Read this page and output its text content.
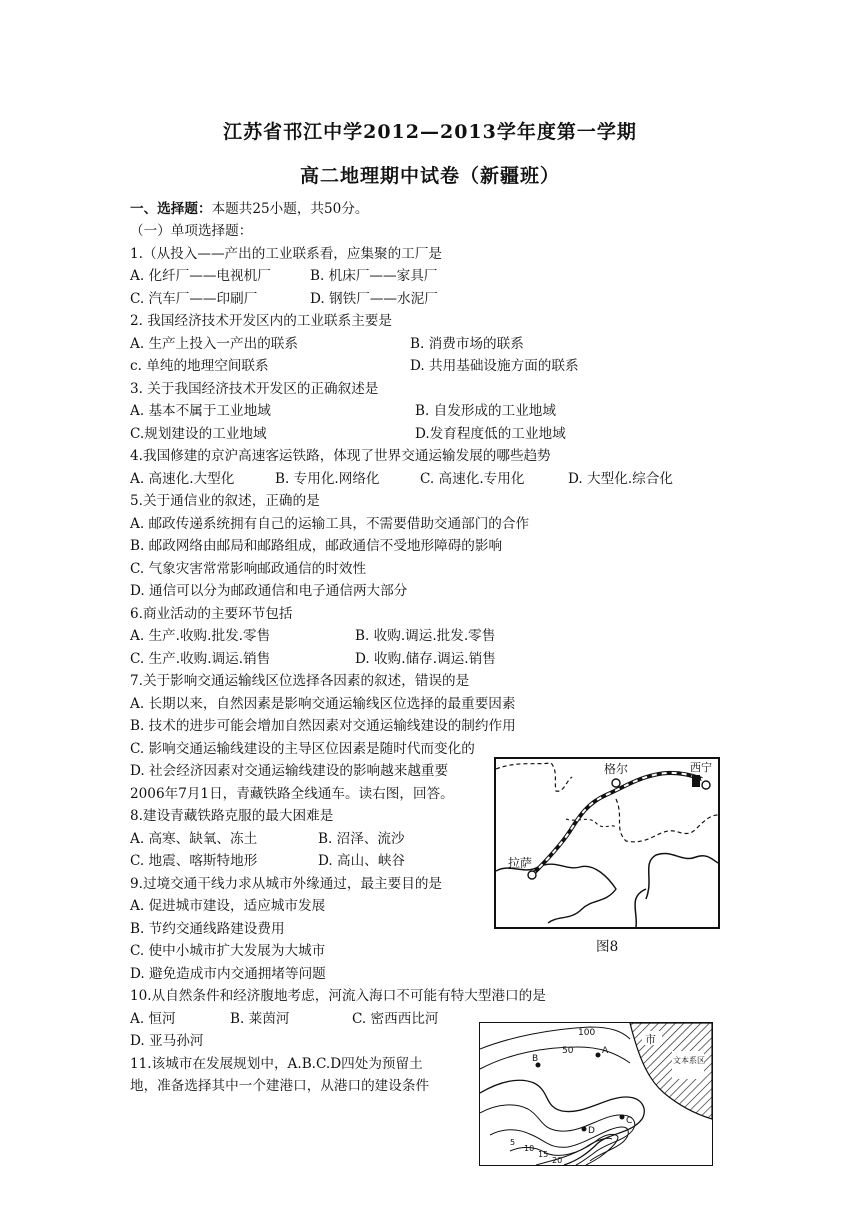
江苏省邗江中学2012—2013学年度第一学期
高二地理期中试卷（新疆班）
一、选择题：本题共25小题，共50分。
（一）单项选择题：
1.（从投入——产出的工业联系看，应集聚的工厂是
A. 化纤厂——电视机厂	B. 机床厂——家具厂
C. 汽车厂——印刷厂	D. 钢铁厂——水泥厂
2. 我国经济技术开发区内的工业联系主要是
A. 生产上投入一产出的联系	B. 消费市场的联系
c. 单纯的地理空间联系	D. 共用基础设施方面的联系
3. 关于我国经济技术开发区的正确叙述是
A. 基本不属于工业地域	B. 自发形成的工业地域
C.规划建设的工业地域	D.发育程度低的工业地域
4.我国修建的京沪高速客运铁路，体现了世界交通运输发展的哪些趋势
A. 高速化.大型化	B. 专用化.网络化	C. 高速化.专用化	D. 大型化.综合化
5.关于通信业的叙述，正确的是
A. 邮政传递系统拥有自己的运输工具，不需要借助交通部门的合作
B. 邮政网络由邮局和邮路组成，邮政通信不受地形障碍的影响
C. 气象灾害常常影响邮政通信的时效性
D. 通信可以分为邮政通信和电子通信两大部分
6.商业活动的主要环节包括
A. 生产.收购.批发.零售	B. 收购.调运.批发.零售
C. 生产.收购.调运.销售	D. 收购.储存.调运.销售
7.关于影响交通运输线区位选择各因素的叙述，错误的是
A. 长期以来，自然因素是影响交通运输线区位选择的最重要因素
B. 技术的进步可能会增加自然因素对交通运输线建设的制约作用
C. 影响交通运输线建设的主导区位因素是随时代而变化的
D. 社会经济因素对交通运输线建设的影响越来越重要
2006年7月1日，青藏铁路全线通车。读右图，回答。
8.建设青藏铁路克服的最大困难是
A. 高寒、缺氧、冻土	B. 沼泽、流沙
C. 地震、喀斯特地形	D. 高山、峡谷
9.过境交通干线力求从城市外缘通过，最主要目的是
A. 促进城市建设，适应城市发展
B. 节约交通线路建设费用
C. 使中小城市扩大发展为大城市
D. 避免造成市内交通拥堵等问题
10.从自然条件和经济腹地考虑，河流入海口不可能有特大型港口的是
A. 恒河	B. 莱茵河	C. 密西西比河
D. 亚马孙河
11.该城市在发展规划中，A.B.C.D四处为预留土
地，准备选择其中一个建港口，从港口的建设条件
格尔	西宁
拉萨
图8
市
文本系区
100
50
5
10
15
20
A
B
C
D
